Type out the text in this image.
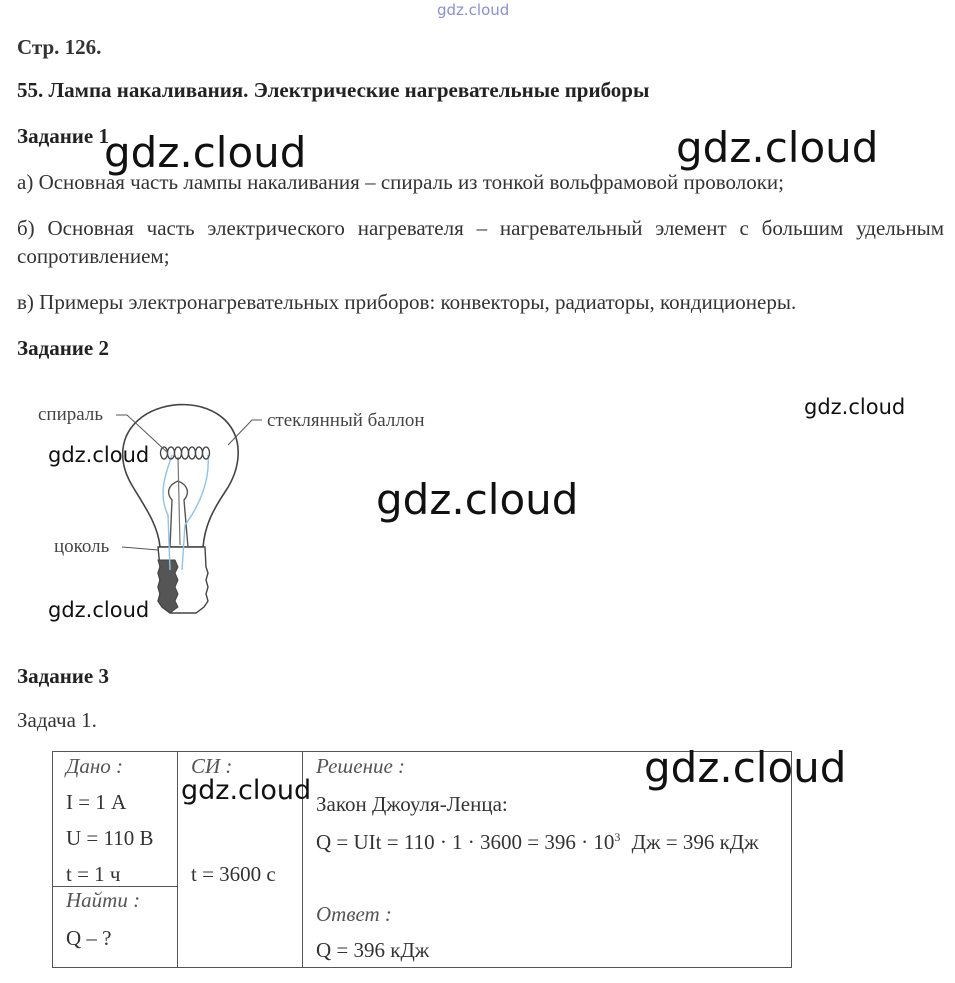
gdz.cloud
Стр. 126.
55. Лампа накаливания. Электрические нагревательные приборы
Задание 1
а) Основная часть лампы накаливания – спираль из тонкой вольфрамовой проволоки;
б) Основная часть электрического нагревателя – нагревательный элемент с большим удельным сопротивлением;
в) Примеры электронагревательных приборов: конвекторы, радиаторы, кондиционеры.
Задание 2
спираль	стеклянный баллон
цоколь
Задание 3
Задача 1.
Дано :
I = 1 А
U = 110 В
t = 1 ч
Найти :
Q – ?
СИ :
t = 3600 с
Решение :
Закон Джоуля-Ленца:
Q = UIt = $110 \cdot 1 \cdot 3600 = 396 \cdot 10^3$ Дж = 396 кДж
Ответ :
Q = 396 кДж
gdz.cloud	gdz.cloud
gdz.cloud
gdz.cloud
gdz.cloud
gdz.cloud
gdz.cloud
gdz.cloud
